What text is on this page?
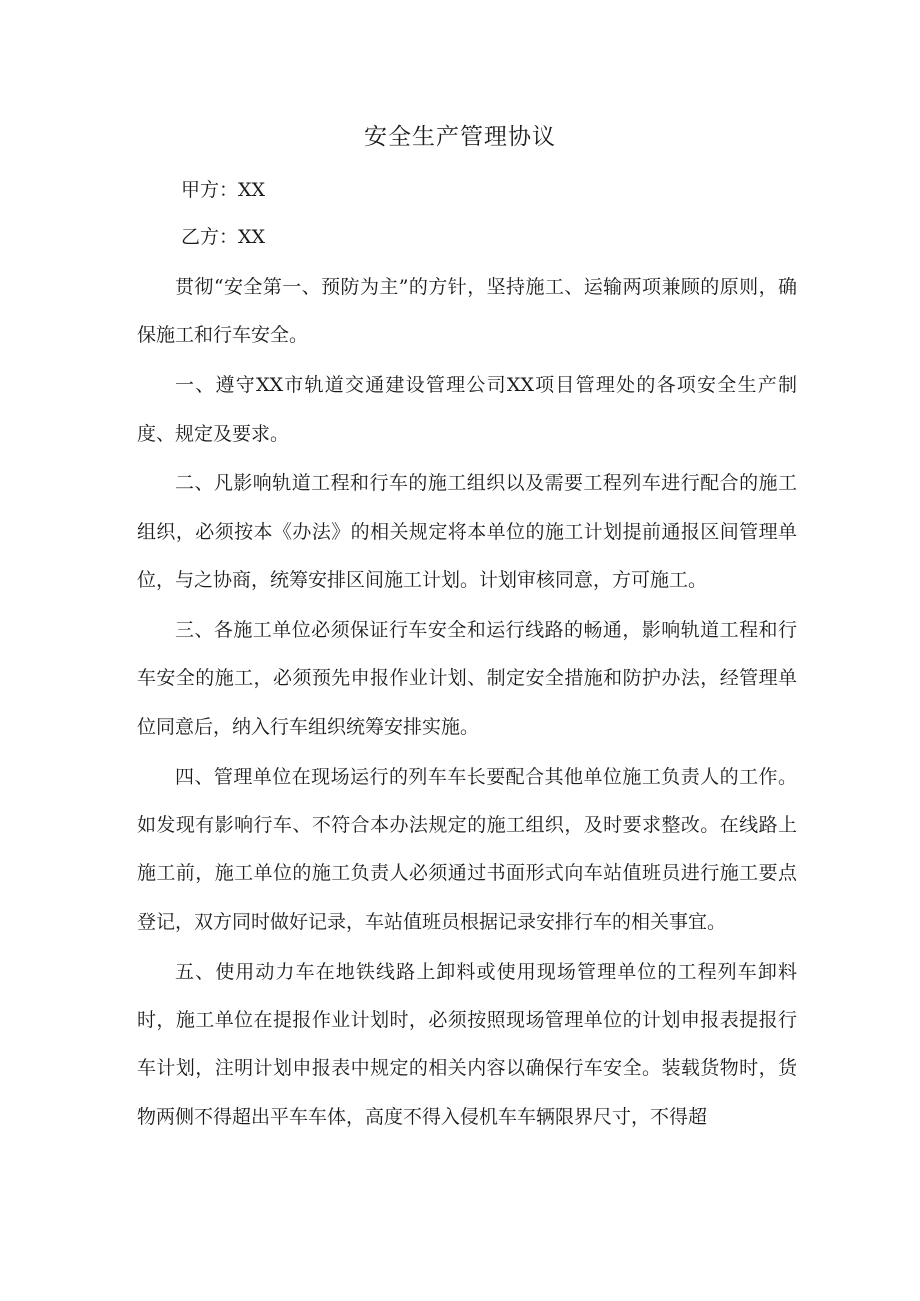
安全生产管理协议

甲方：XX

乙方：XX

贯彻“安全第一、预防为主”的方针，坚持施工、运输两项兼顾的原则，确保施工和行车安全。

一、遵守XX市轨道交通建设管理公司XX项目管理处的各项安全生产制度、规定及要求。

二、凡影响轨道工程和行车的施工组织以及需要工程列车进行配合的施工组织，必须按本《办法》的相关规定将本单位的施工计划提前通报区间管理单位，与之协商，统筹安排区间施工计划。计划审核同意，方可施工。

三、各施工单位必须保证行车安全和运行线路的畅通，影响轨道工程和行车安全的施工，必须预先申报作业计划、制定安全措施和防护办法，经管理单位同意后，纳入行车组织统筹安排实施。

四、管理单位在现场运行的列车车长要配合其他单位施工负责人的工作。如发现有影响行车、不符合本办法规定的施工组织，及时要求整改。在线路上施工前，施工单位的施工负责人必须通过书面形式向车站值班员进行施工要点登记，双方同时做好记录，车站值班员根据记录安排行车的相关事宜。

五、使用动力车在地铁线路上卸料或使用现场管理单位的工程列车卸料时，施工单位在提报作业计划时，必须按照现场管理单位的计划申报表提报行车计划，注明计划申报表中规定的相关内容以确保行车安全。装载货物时，货物两侧不得超出平车车体，高度不得入侵机车车辆限界尺寸，不得超
